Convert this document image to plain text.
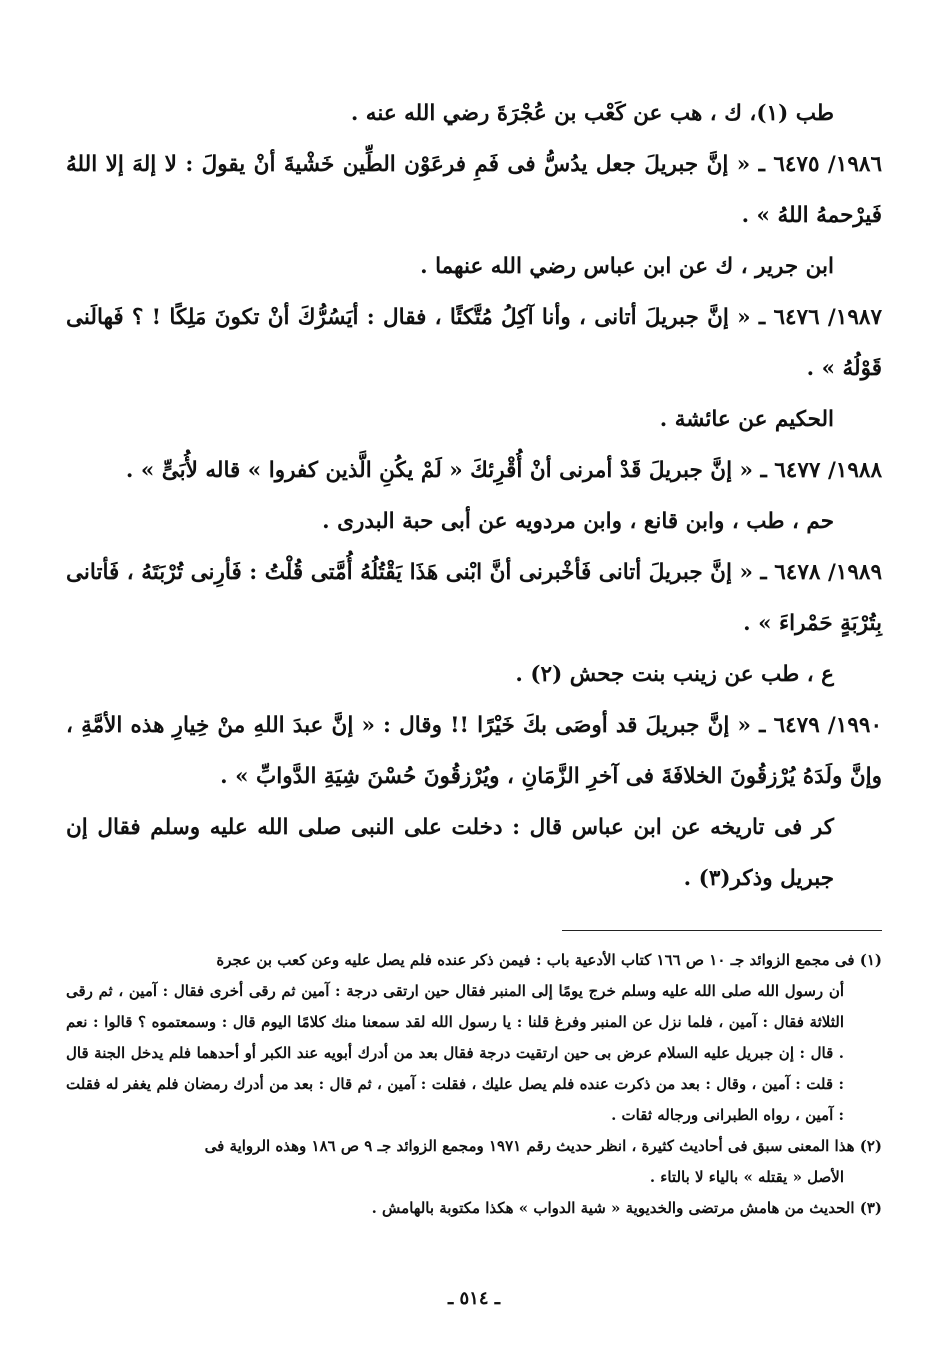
طب (١)، ك ، هب عن كَعْب بن عُجْرَةَ رضي الله عنه .

١٩٨٦/ ٦٤٧٥ ـ « إنَّ جبريلَ جعل يدُسُّ فى فَمِ فرعَوْن الطِّين خَشْيةَ أنْ يقولَ : لا إلهَ إلا اللهُ فَيرْحمهُ اللهُ » .

ابن جرير ، ك عن ابن عباس رضي الله عنهما .

١٩٨٧/ ٦٤٧٦ ـ « إنَّ جبريلَ أتانى ، وأنا آكِلُ مُتَّكئًا ، فقال : أيَسُرُّكَ أنْ تكونَ مَلِكًا ! ؟ فَهالَنى قَوْلُهُ » .

الحكيم عن عائشة .

١٩٨٨/ ٦٤٧٧ ـ « إنَّ جبريلَ قَدْ أمرنى أنْ أُقْرِئكَ « لَمْ يكُنِ الَّذين كفروا » قاله لأُبَىٍّ » .

حم ، طب ، وابن قانع ، وابن مردويه عن أبى حبة البدرى .

١٩٨٩/ ٦٤٧٨ ـ « إنَّ جبريلَ أتانى فَأخْبرنى أنَّ ابْنى هَذَا يَقْتُلُهُ أُمَّتى قُلْتُ : فَأرِنى تُرْبَتَهُ ، فَأتانى بِتُرْبَةٍ حَمْراءَ » .

ع ، طب عن زينب بنت جحش (٢) .

١٩٩٠/ ٦٤٧٩ ـ « إنَّ جبريلَ قد أوصَى بكَ خَيْرًا !! وقال : « إنَّ عبدَ اللهِ منْ خِيارِ هذه الأمَّةِ ، وإنَّ ولَدَهُ يُرْزقُونَ الخلافَةَ فى آخرِ الزَّمَانِ ، ويُرْزقُونَ حُسْنَ شِيَةِ الدَّوابِّ » .

كر فى تاريخه عن ابن عباس قال : دخلت على النبى صلى الله عليه وسلم فقال إن جبريل وذكر(٣) .

(١) فى مجمع الزوائد جـ ١٠ ص ١٦٦ كتاب الأدعية باب : فيمن ذكر عنده فلم يصل عليه وعن كعب بن عجرة

أن رسول الله صلى الله عليه وسلم خرج يومًا إلى المنبر فقال حين ارتقى درجة : آمين ثم رقى أخرى فقال : آمين ، ثم رقى الثلاثة فقال : آمين ، فلما نزل عن المنبر وفرغ قلنا : يا رسول الله لقد سمعنا منك كلامًا اليوم قال : وسمعتموه ؟ قالوا : نعم . قال : إن جبريل عليه السلام عرض بى حين ارتقيت درجة فقال بعد من أدرك أبويه عند الكبر أو أحدهما فلم يدخل الجنة قال : قلت : آمين ، وقال : بعد من ذكرت عنده فلم يصل عليك ، فقلت : آمين ، ثم قال : بعد من أدرك رمضان فلم يغفر له فقلت : آمين ، رواه الطبرانى ورجاله ثقات .

(٢) هذا المعنى سبق فى أحاديث كثيرة ، انظر حديث رقم ١٩٧١ ومجمع الزوائد جـ ٩ ص ١٨٦ وهذه الرواية فى

الأصل « يقتله » بالياء لا بالتاء .

(٣) الحديث من هامش مرتضى والخديوية « شية الدواب » هكذا مكتوبة بالهامش .

ـ ٥١٤ ـ
